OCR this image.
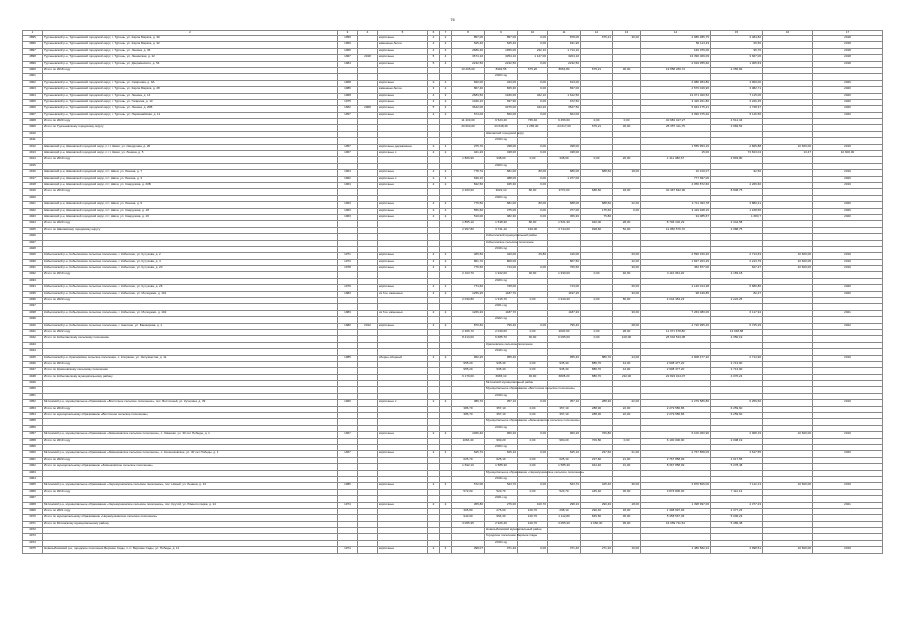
76
1	2	3	4	5	6	7	8	9	10	11	12	13	14	15	16	17	
4895	Тургеневский р-н, Тургеневский городской округ, г. Тургень, ул. Карла Маркса, д. 30	1959		кирпичные	2	2	857,00	857,00	0,00	878,00	675,21	36,00	2 986 385,75	3 484,82		2018	
4896	Тургеневский р-н, Тургеневский городской округ, г. Тургень, ул. Карла Маркса, д. 32	1959		каменные,бетон	2	2	625,40	625,40	0,00	631,90			50 114,33	66,50		2018	
4897	Тургеневский р-н, Тургеневский городской округ, г. Тургень, ул. Ленина, д. 36	1966		кирпичные	4	4	2686,40	1956,00	232,10	1 713,10			160 076,00	96,70		2018	
4898	Тургеневский р-н, Тургеневский городской округ, г. Тургень, ул. Ленинская, д. 12	1967	2018	кирпичные	5	4	3674,10	3354,10	1 127,00	3204,10			13 396 469,09	3 667,06		2018	
4899	Тургеневский р-н, Тургеневский городской округ, г. Тургень, ул. Дзержинского, д. 54	1984		кирпичные	5	4	2232,50	2232,50	0,00	2232,50			2 919 355,60	1 305,63		2018	
4900	Итого по 2018 году						10 205,00	8492,55	675,20	8663,80	675,21	36,00	19 558 366,72	2 355,82			
4901								2020 год									
4902	Тургеневский р-н, Тургеневский городской округ, г. Тургень, ул. Смирнова, д. 9А	1968		кирпичные	2	2	840,00	443,00	0,00	613,00			2 986 384,80	4 000,00		2020	
4903	Тургеневский р-н, Тургеневский городской округ, г. Тургень, ул. Карла Маркса, д. 28	1986		каменные,бетон	3	2	867,40	825,30	0,00	837,00			2 576 049,96	3 082,71		2020	
4904	Тургеневский р-н, Тургеневский городской округ, г. Тургень, ул. Ленина, д. 14	1968		кирпичные	4	3	2683,50	1946,00	322,10	1 612,50			13 071 320,52	7 115,06		2020	
4905	Тургеневский р-н, Тургеневский городской округ, г. Тургень, ул. Гагарина, д. 14	1975		кирпичные	2	2	1026,10	937,90	0,00	972,50			3 426 261,80	3 226,25		2020	
4906	Тургеневский р-н, Тургеневский городской округ, г. Тургень, ул. Ленина, д. 20В	1962	2008	кирпичные	5	4	3642,00	3376,00	443,20	3527,50			5 943 175,21	1 748,37		2020	
4907	Тургеневский р-н, Тургеневский городской округ, г. Тургень, ул. Первомайская, д. 11	1957		кирпичные	2	2	674,00	560,00	0,00	604,00			3 096 375,20	5 116,56		2020	
4908	Итого по 2020 году						11 433,00	9 523,40	765,40	9 456,60	0,00	0,00	40 684 427,27	4 514,34			
4909	Итого по Тургеневскому городскому округу						20 604,00	23 648,46	1 265,30	24 617,00	675,21	36,00	25 357 411,75	2 983,52			
4910								Шаховский городской округ									
4911								2019 год									
4912	Шаховский р-н, Шаховской городской округ, п.г.т. Шахи, ул. Свердлова, д. 26	1957		кирпичные,деревянные	2	1	375,70	338,00	0,00	338,00			1 555 953,16	2 825,88	10 600,00	2019	
4913	Шаховский р-н, Шаховской городской округ, п.г.т. Шахи, ул. Ленина, д. 5	1967		кирпичные с	2	2	421,20	438,00	0,00	438,00			15,00	73 603,04	13,47	10 600,00	
4914	Итого по 2019 году						1 866,90	338,00	0,00	338,00	0,00	26,00	1 411 380,67	2 893,80			
4915								2020 год									
4916	Шаховский р-н, Шаховской городской округ, пгт. Шахи, ул. Ленина, д. 7	1964		кирпичные	2	2	778,70	681,00	80,00	686,00	688,60	18,00	16 310,07	92,56		2019	
4917	Шаховский р-н, Шаховской городской округ, пгт. Шахи, ул. Ленина, д. 3	1962		кирпичные с	2	1	639,10	488,00	0,00	1 077,00			777 697,00			2020	
4918	Шаховский р-н, Шаховской городской округ, пгт. Шахи, ул. Свердлова, д. 20Б	1964		кирпичные	2	2	842,50	945,30	0,00				4 056 872,60	4 269,60		2019	
4919	Итого по 2019 году						2 260,60	3022,10	80,00	3770,00	688,60	18,00	40 467 822,96	8 808,75			
4920								2020 год									
4921	Шаховский р-н, Шаховской городской округ, пгт. Шахи, ул. Ленина, д. 9	1963		кирпичные	2	2	779,50	681,00	80,00	688,00	688,60	22,00	4 711 493,78	3 880,21		2020	
4922	Шаховский р-н, Шаховской городской округ, пгт. Шахи, ул. Свердлова, д. 18	1963		кирпичные	2	2	556,60	375,00	0,00	377,00	175,60	6,00	3 419 948,10	1 168,56		2020	
4923	Шаховский р-н, Шаховской городской округ, пгт. Шахи, ул. Свердлова, д. 16	1963		кирпичные	2	2	519,00	482,30	0,00	456,30	75,80		34 085,67	1 683,7		2020	
4924	Итого по 2020 году						1 855,10	1 538,30	80,00	1 521,30	940,00	28,00	8 706 102,29	3 344,58			
4925	Итого по Шаховскому городскому округу						2 997,80	3 741,10	160,00	3 744,00	928,60	52,00	11 050 576,70	3 088,75			
4926								Кобылинский муниципальный район									
4927								Кобылинское сельское поселение									
4928								2019 год									
4929	Кобылинский р-н, Кобылинское сельское поселение, г. Кобылино, ул. Кутузова, д. 2	1971		кирпичные	2	2	465,50	420,00	29,80	416,00		20,00	2 590 150,46	2 713,63	10 600,00	2019	
4930	Кобылинский р-н, Кобылинское сельское поселение, г. Кобылино, ул. Кутузова, д. 4	1973		кирпичные	2	2	861,70	809,00		807,50		42,00	1 847 263,29	2 213,79	10 600,00	2019	
4931	Кобылинский р-н, Кобылинское сельское поселение, г. Кобылино, ул. Кутузова, д. 20	1978		кирпичные	2	2	776,50	713,00	0,00	706,50		30,00	452 877,00	627,27	10 600,00	2019	
4932	Итого по 2019 году						2 103,70	1 942,00	30,90	1 930,00	0,00	92,00	4 110 364,20	2 183,18			
4933								2020 год									
4934	Кобылинский р-н, Кобылинское сельское поселение, г. Кобылино, ул. Кутузова, д. 26	1976		кирпичные	2	2	774,60	728,00		713,00		26,00	4 146 014,38	5 686,86		2020	
4935	Кобылинский р-н, Кобылинское сельское поселение, г. Кобылино, ул. Молодежи, д. 101	1983		из б.м. каменных	2	2	1256,20	1187,70		1197,20		30,00	98 439,85	82,27		2020	
4936	Итого по 2020 году						2 030,80	1 915,70	0,00	1 910,20	0,00	56,00	4 244 454,23	2 222,25			
4937								2021 год									
4938	Кобылинский р-н, Кобылинское сельское поселение, г. Кобылино, ул. Молодежи, д. 102	1983		из б.м. каменных	2	2	1266,20	1187,70		1187,20		30,00	7 263 080,00	6 117,94		2021	
4939								2022 год									
4940	Кобылинский р-н, Кобылинское сельское поселение, г. Анютино, ул. Башкирова, д. 1	1980	2012	кирпичные	2	2	870,60	796,40	0,00	796,40		28,00	4 720 995,20	5 725,29		2022	
4941	Итого по 2022 году						2 306,70	2 030,60	0,00	2030,60	0,00	28,00	11 071 678,80	13 648,58			
4942	Итого по Кобылинскому сельскому поселению						8 213,00	6 685,70	30,90	6 065,00	0,00	100,00	26 634 523,08	4 350,19			
4943								Красновское сельское поселение									
4944								2019 год									
4945	Кобылинский р-н, Красновское сельское поселение, с. Клоркино, ул. Энтузиастов, д. 11	1985		сборно-сборный	2	2	952,20	955,40		955,40	886,70	44,00	2 908 477,20	2 713,90		2019	
4946	Итого по 2019 году						955,20	935,40	0,00	935,40	886,70	44,00	2 908 477,20	2 713,90			
4947	Итого по Красновскому сельскому поселению						955,20	935,40	0,00	935,40	886,70	44,00	2 908 477,20	2 713,90			
4948	Итого по Кобылинскому муниципальному району						6 179,00	6965,10	30,90	6838,20	886,70	232,00	22 823 014,07	4 076,24			
4949								Мглинский муниципальный район									
4950								Муниципальное образование «Восточное сельское поселение»									
4951								2019 год									
4952	Мглинский р-н, муниципальное образование «Восточное сельское поселение», пос. Восточный, ул. Кутерина, д. 39	1969		кирпичные с	2	2	386,70	357,10	0,00	357,10	288,30	22,00	2 279 586,86	6 259,60		2019	
4953	Итого по 2019 году						386,70	357,10	0,00	357,10	288,30	22,00	2 279 586,86	6 259,60			
4954	Итого по муниципальному образованию «Восточное сельское поселение»						386,70	357,10	0,00	357,10	288,30	22,00	2 279 586,86	6 259,60			
4955								Муниципальное образование «Зименковское сельское поселение»									
4956								2019 год									
4957	Мглинский р-н, муниципальное образование «Зименковское сельское поселение», с. Зименки, ул. 30 лет Победы, д. 1	1967		кирпичные	2	2	1066,40	960,20	0,00	960,20	706,80		6 100 000,90	2 008,19	10 600,00	2019	
4958	Итого по 2019 году						1066,40	960,20	0,00	960,20	706,80	0,00	6 100 000,90	2 008,19			
4959								2020 год									
4960	Мглинский р-н, муниципальное образование «Зименковское сельское поселение», с. Колюшковское, ул. 30 лет Победы, д. 1	1967		кирпичные	2	2	625,70	625,10	0,00	625,10	237,60	21,00	2 767 858,09	4 617,55		2020	
4961	Итого по 2020 году						625,70	625,10	0,00	625,10	237,60	21,00	2 767 858,09	4 617,55			
4962	Итого по муниципальному образованию «Зименковское сельское поселение»						1 692,10	1 585,30	0,00	1 585,30	944,40	31,00	8 367 858,99	5 278,48			
4963								Муниципальное образование «Черемушкинское сельское поселение»									
4964								2019 год									
4965	Мглинский р-н, муниципальное образование «Черемушкинское сельское поселение», пос. Новый, ул. Ленина, д. 13	1986		кирпичные	2	2	572,00	523,70	0,00	523,70	445,40	36,00	3 876 806,00	7 112,13	10 600,00	2019	
4966	Итого по 2019 году						572,00	523,70	0,00	523,70	445,40	36,00	3 876 806,00	7 112,13			
4967								2021 год									
4968	Мглинский р-н, муниципальное образование «Черемушкинское сельское поселение», пос. Крутой, ул. Южного парка, д. 14	1974		кирпичные	2	2	365,80	276,00	100,70	298,10	290,40	18,00	1 398 997,06	4 377,23		2021	
4969	Итого по 2021 году						365,80	276,00	100,70	298,10	290,40	18,00	1 398 997,06	4 377,23			
4970	Итого по муниципальному образованию «Черемушкинское сельское поселение»						943,60	954,30	100,70	1 112,80	845,50	36,00	5 458 567,36	5 006,23			
4971	Итого по Мглинскому муниципальному району						3 005,35	2 926,40	100,70	3 055,20	2 060,30	99,00	16 059 711,54	5 486,48			
4972								Новозыбковский муниципальный район									
4973								Городское поселение Верхние Сады									
4974								2019 год									
4975	Новозыбковский р-н, городское поселение Верхние Сады, п.г.т. Верхние Сады, ул. Победы, д. 11	1974		кирпичные	2	2	398,07	371,40	0,00	371,40	271,20	16,00	1 480 582,34	4 998,51	10 600,00	2019	
